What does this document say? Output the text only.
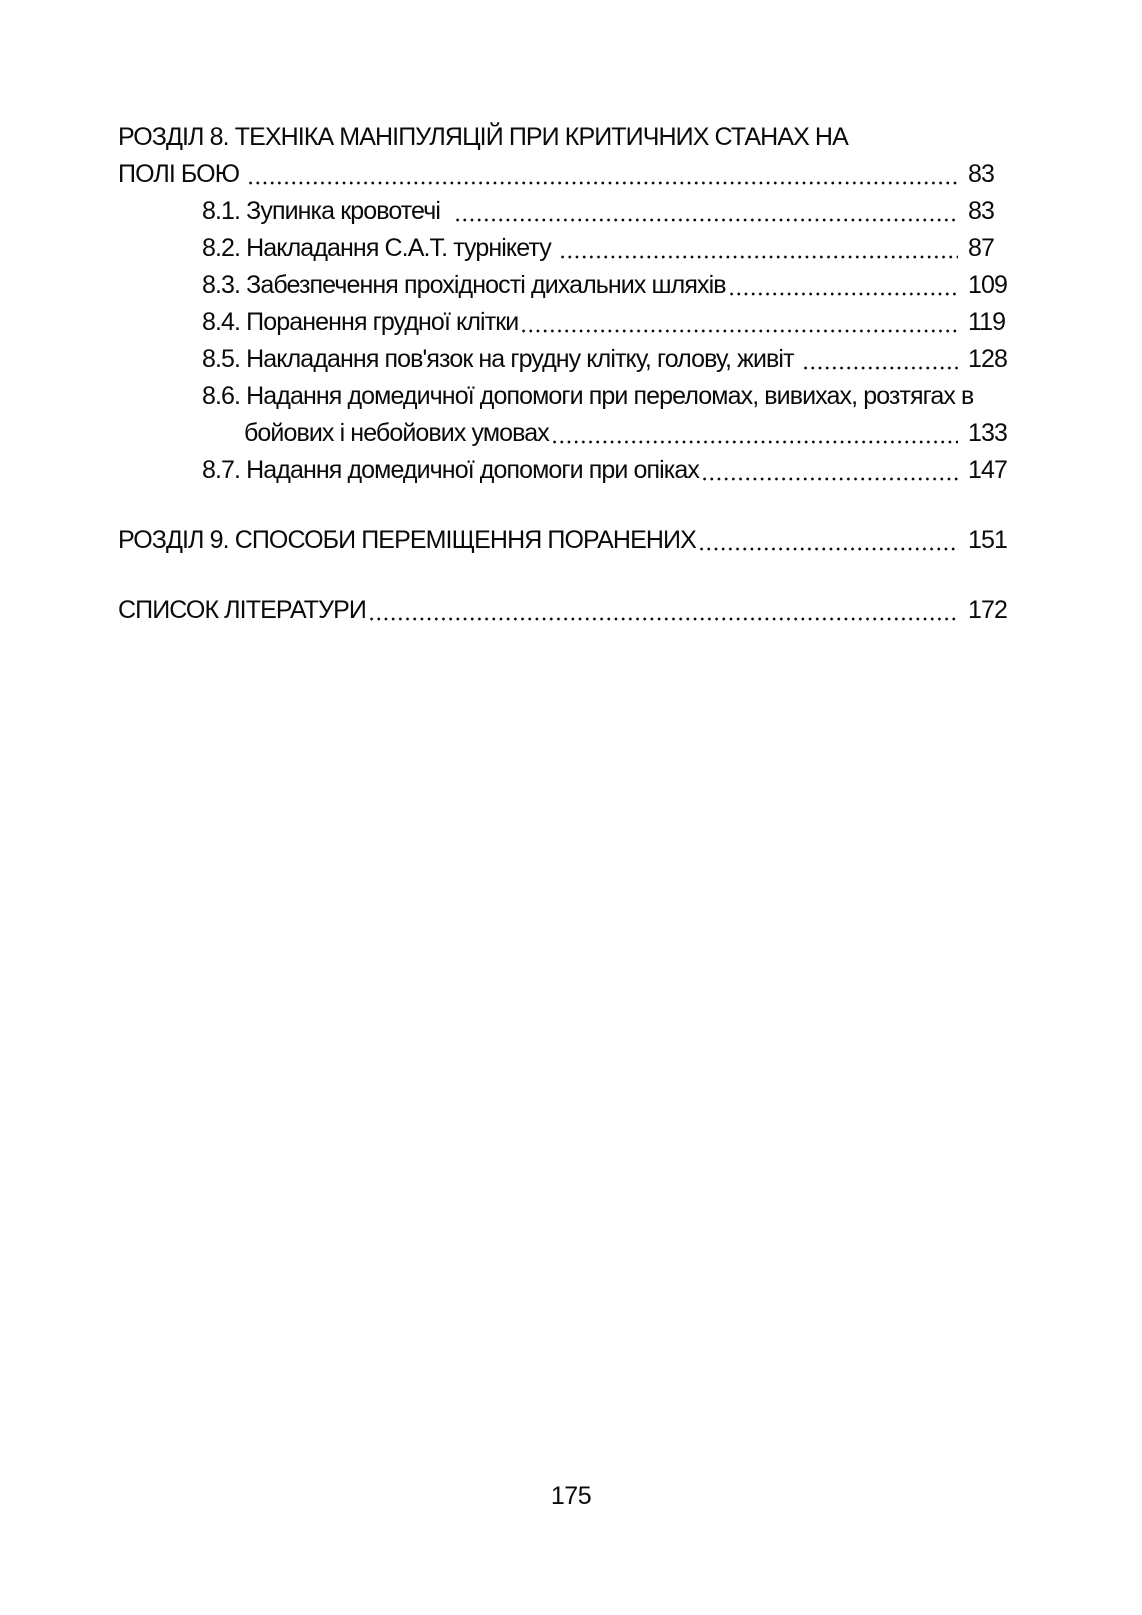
РОЗДІЛ 8. ТЕХНІКА МАНІПУЛЯЦІЙ ПРИ КРИТИЧНИХ СТАНАХ НА
ПОЛІ БОЮ	83
8.1. Зупинка кровотечі	83
8.2. Накладання С.А.Т. турнікету	87
8.3. Забезпечення прохідності дихальних шляхів	109
8.4. Поранення грудної клітки	119
8.5. Накладання пов'язок на грудну клітку, голову, живіт	128
8.6. Надання домедичної допомоги при переломах, вивихах, розтягах в
бойових і небойових умовах	133
8.7. Надання домедичної допомоги при опіках	147
РОЗДІЛ 9. СПОСОБИ ПЕРЕМІЩЕННЯ ПОРАНЕНИХ	151
СПИСОК ЛІТЕРАТУРИ	172
175
